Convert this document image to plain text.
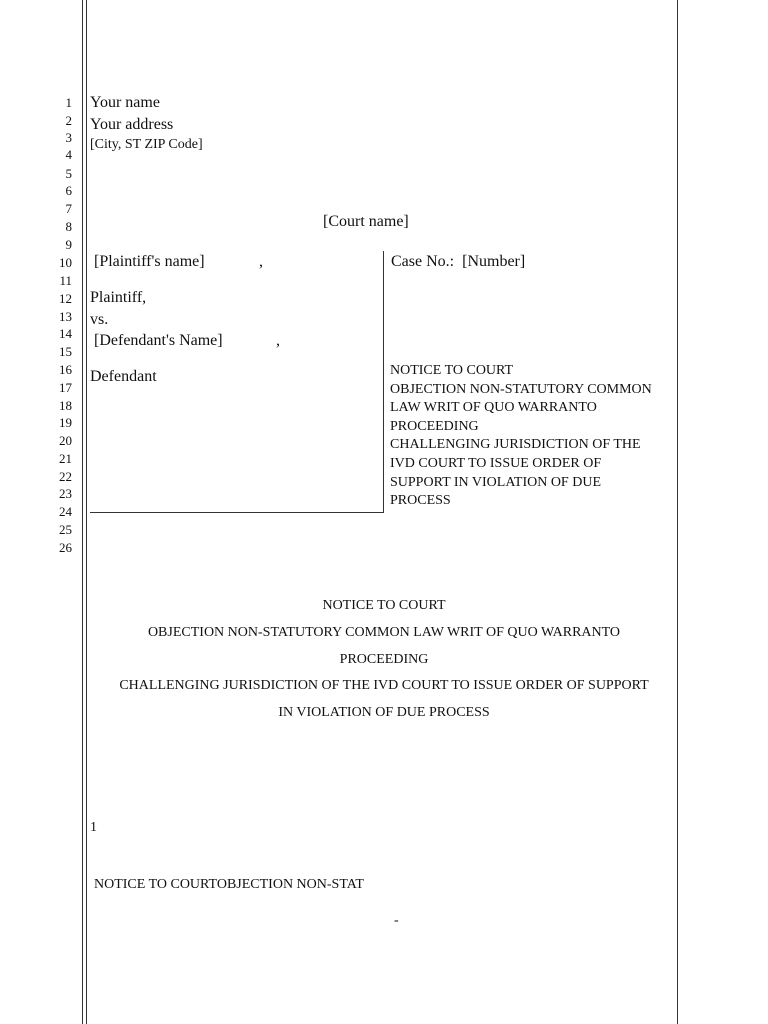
1
2
3
4
5
6
7
8
9
10
11
12
13
14
15
16
17
18
19
20
21
22
23
24
25
26
Your name
Your address
[City, ST ZIP Code]
[Court name]
[Plaintiff's name]	,
Plaintiff,
vs.
[Defendant's Name]	,
Defendant
Case No.: [Number]
NOTICE TO COURT
OBJECTION NON-STATUTORY COMMON
LAW WRIT OF QUO WARRANTO
PROCEEDING
CHALLENGING JURISDICTION OF THE
IVD COURT TO ISSUE ORDER OF
SUPPORT IN VIOLATION OF DUE
PROCESS
NOTICE TO COURT
OBJECTION NON-STATUTORY COMMON LAW WRIT OF QUO WARRANTO
PROCEEDING
CHALLENGING JURISDICTION OF THE IVD COURT TO ISSUE ORDER OF SUPPORT
IN VIOLATION OF DUE PROCESS
1
NOTICE TO COURTOBJECTION NON-STAT
-
